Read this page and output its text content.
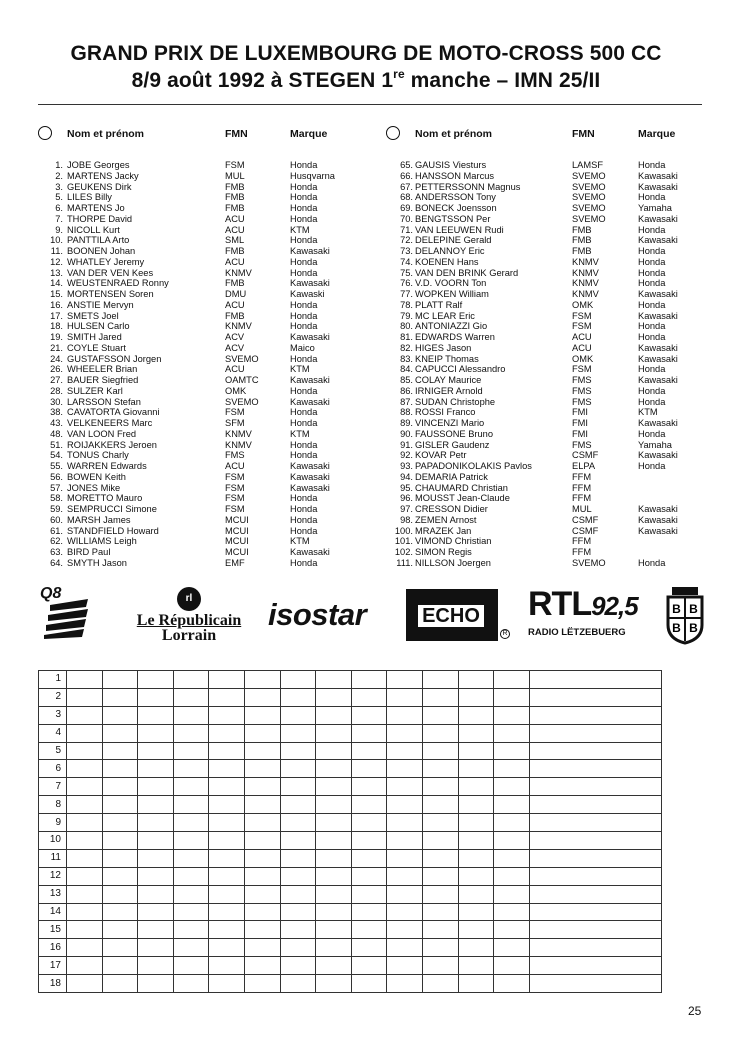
GRAND PRIX DE LUXEMBOURG DE MOTO-CROSS 500 CC
8/9 août 1992 à STEGEN 1re manche – IMN 25/II
Nom et prénom	FMN	Marque
1. JOBE Georges	FSM	Honda
2. MARTENS Jacky	MUL	Husqvarna
3. GEUKENS Dirk	FMB	Honda
5. LILES Billy	FMB	Honda
6. MARTENS Jo	FMB	Honda
7. THORPE David	ACU	Honda
9. NICOLL Kurt	ACU	KTM
10. PANTTILA Arto	SML	Honda
11. BOONEN Johan	FMB	Kawasaki
12. WHATLEY Jeremy	ACU	Honda
13. VAN DER VEN Kees	KNMV	Honda
14. WEUSTENRAED Ronny	FMB	Kawasaki
15. MORTENSEN Soren	DMU	Kawaski
16. ANSTIE Mervyn	ACU	Honda
17. SMETS Joel	FMB	Honda
18. HULSEN Carlo	KNMV	Honda
19. SMITH Jared	ACV	Kawasaki
21. COYLE Stuart	ACV	Maico
24. GUSTAFSSON Jorgen	SVEMO	Honda
26. WHEELER Brian	ACU	KTM
27. BAUER Siegfried	OAMTC	Kawasaki
28. SULZER Karl	OMK	Honda
30. LARSSON Stefan	SVEMO	Kawasaki
38. CAVATORTA Giovanni	FSM	Honda
43. VELKENEERS Marc	SFM	Honda
48. VAN LOON Fred	KNMV	KTM
51. ROIJAKKERS Jeroen	KNMV	Honda
54. TONUS Charly	FMS	Honda
55. WARREN Edwards	ACU	Kawasaki
56. BOWEN Keith	FSM	Kawasaki
57. JONES Mike	FSM	Kawasaki
58. MORETTO Mauro	FSM	Honda
59. SEMPRUCCI Simone	FSM	Honda
60. MARSH James	MCUI	Honda
61. STANDFIELD Howard	MCUI	Honda
62. WILLIAMS Leigh	MCUI	KTM
63. BIRD Paul	MCUI	Kawasaki
64. SMYTH Jason	EMF	Honda
Nom et prénom	FMN	Marque
65. GAUSIS Viesturs	LAMSF	Honda
66. HANSSON Marcus	SVEMO	Kawasaki
67. PETTERSSONN Magnus	SVEMO	Kawasaki
68. ANDERSSON Tony	SVEMO	Honda
69. BONECK Joensson	SVEMO	Yamaha
70. BENGTSSON Per	SVEMO	Kawasaki
71. VAN LEEUWEN Rudi	FMB	Honda
72. DELEPINE Gerald	FMB	Kawasaki
73. DELANNOY Eric	FMB	Honda
74. KOENEN Hans	KNMV	Honda
75. VAN DEN BRINK Gerard	KNMV	Honda
76. V.D. VOORN Ton	KNMV	Honda
77. WOPKEN William	KNMV	Kawasaki
78. PLATT Ralf	OMK	Honda
79. MC LEAR Eric	FSM	Kawasaki
80. ANTONIAZZI Gio	FSM	Honda
81. EDWARDS Warren	ACU	Honda
82. HIGES Jason	ACU	Kawasaki
83. KNEIP Thomas	OMK	Kawasaki
84. CAPUCCI Alessandro	FSM	Honda
85. COLAY Maurice	FMS	Kawasaki
86. IRNIGER Arnold	FMS	Honda
87. SUDAN Christophe	FMS	Honda
88. ROSSI Franco	FMI	KTM
89. VINCENZI Mario	FMI	Kawasaki
90. FAUSSONE Bruno	FMI	Honda
91. GISLER Gaudenz	FMS	Yamaha
92. KOVAR Petr	CSMF	Kawasaki
93. PAPADONIKOLAKIS Pavlos	ELPA	Honda
94. DEMARIA Patrick	FFM
95. CHAUMARD Christian	FFM
96. MOUSST Jean-Claude	FFM
97. CRESSON Didier	MUL	Kawasaki
98. ZEMEN Arnost	CSMF	Kawasaki
100. MRAZEK Jan	CSMF	Kawasaki
101. VIMOND Christian	FFM
102. SIMON Regis	FFM
111. NILLSON Joergen	SVEMO	Honda
Q8	rl
Le Républicain
Lorrain
isostar	ECHO
R
RTL92,5
RADIO LËTZEBUERG
B B
B B
1														
2														
3														
4														
5														
6														
7														
8														
9														
10														
11														
12														
13														
14														
15														
16														
17														
18														
25
